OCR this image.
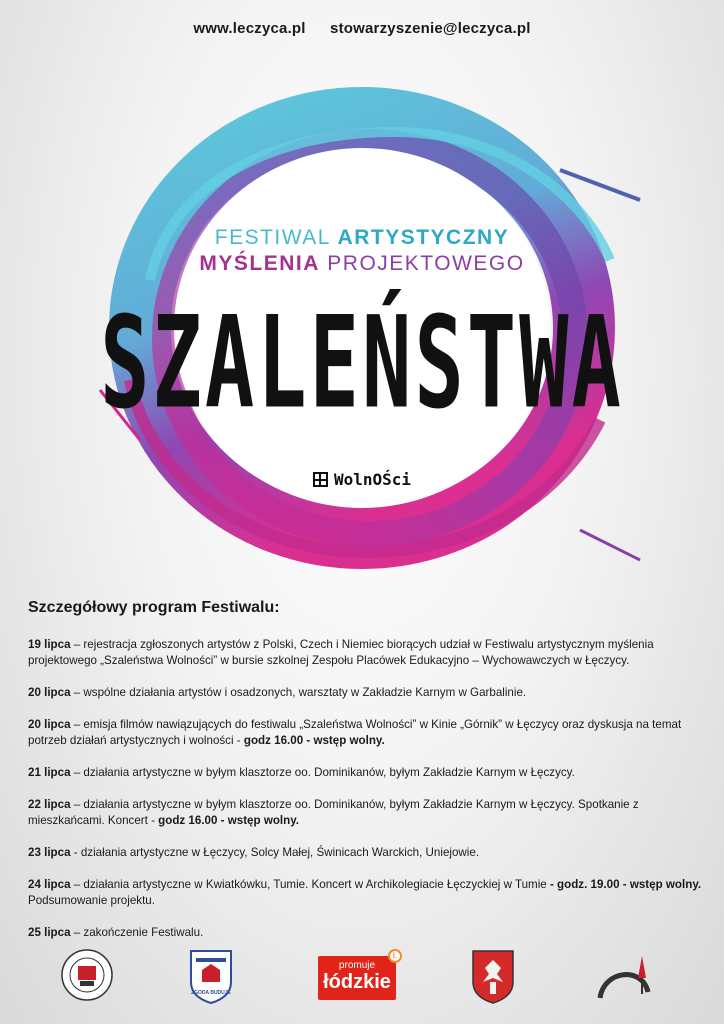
www.leczyca.pl stowarzyszenie@leczyca.pl
FESTIWAL ARTYSTYCZNY
MYŚLENIA PROJEKTOWEGO
SZALEŃSTWA
WolnOŚci
Szczegółowy program Festiwalu:

19 lipca – rejestracja zgłoszonych artystów z Polski, Czech i Niemiec biorących udział w Festiwalu artystycznym myślenia projektowego „Szaleństwa Wolności” w bursie szkolnej Zespołu Placówek Edukacyjno – Wychowawczych w Łęczycy.

20 lipca – wspólne działania artystów i osadzonych, warsztaty w Zakładzie Karnym w Garbalinie.

20 lipca – emisja filmów nawiązujących do festiwalu „Szaleństwa Wolności” w Kinie „Górnik” w Łęczycy oraz dyskusja na temat potrzeb działań artystycznych i wolności - godz 16.00 - wstęp wolny.

21 lipca – działania artystyczne w byłym klasztorze oo. Dominikanów, byłym Zakładzie Karnym w Łęczycy.

22 lipca – działania artystyczne w byłym klasztorze oo. Dominikanów, byłym Zakładzie Karnym w Łęczycy. Spotkanie z mieszkańcami. Koncert - godz 16.00 - wstęp wolny.

23 lipca - działania artystyczne w Łęczycy, Solcy Małej, Świnicach Warckich, Uniejowie.

24 lipca – działania artystyczne w Kwiatkówku, Tumie. Koncert w Archikolegiacie Łęczyckiej w Tumie - godz. 19.00 - wstęp wolny. Podsumowanie projektu.

25 lipca – zakończenie Festiwalu.

ZGODA BUDUJE
promuje
łódzkie
Ł
